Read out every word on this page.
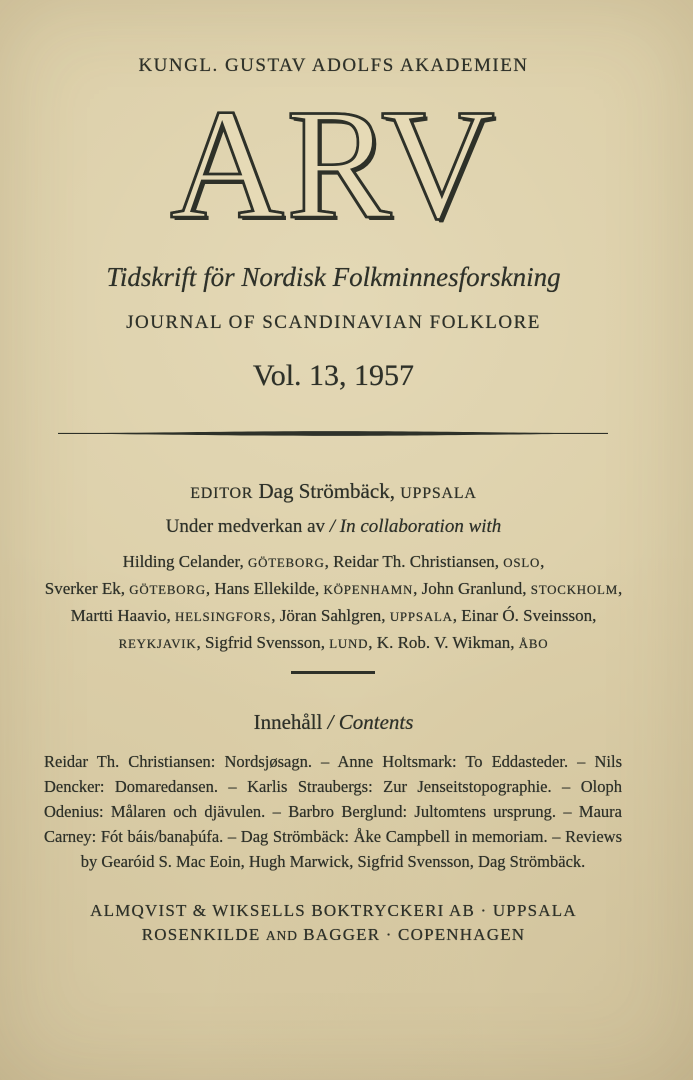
KUNGL. GUSTAV ADOLFS AKADEMIEN
ARV
Tidskrift för Nordisk Folkminnesforskning
JOURNAL OF SCANDINAVIAN FOLKLORE
Vol. 13, 1957
EDITOR Dag Strömbäck, UPPSALA
Under medverkan av / In collaboration with
Hilding Celander, GÖTEBORG, Reidar Th. Christiansen, OSLO,
Sverker Ek, GÖTEBORG, Hans Ellekilde, KÖPENHAMN, John Granlund, STOCKHOLM,
Martti Haavio, HELSINGFORS, Jöran Sahlgren, UPPSALA, Einar Ó. Sveinsson,
REYKJAVIK, Sigfrid Svensson, LUND, K. Rob. V. Wikman, ÅBO
Innehåll / Contents
Reidar Th. Christiansen: Nordsjøsagn. – Anne Holtsmark: To Eddasteder. – Nils Dencker: Domaredansen. – Karlis Straubergs: Zur Jenseitstopographie. – Oloph Odenius: Målaren och djävulen. – Barbro Berglund: Jultomtens ursprung. – Maura Carney: Fót báis/banaþúfa. – Dag Strömbäck: Åke Campbell in memoriam. – Reviews by Gearóid S. Mac Eoin, Hugh Marwick, Sigfrid Svensson, Dag Strömbäck.
ALMQVIST & WIKSELLS BOKTRYCKERI AB · UPPSALA
ROSENKILDE AND BAGGER · COPENHAGEN
